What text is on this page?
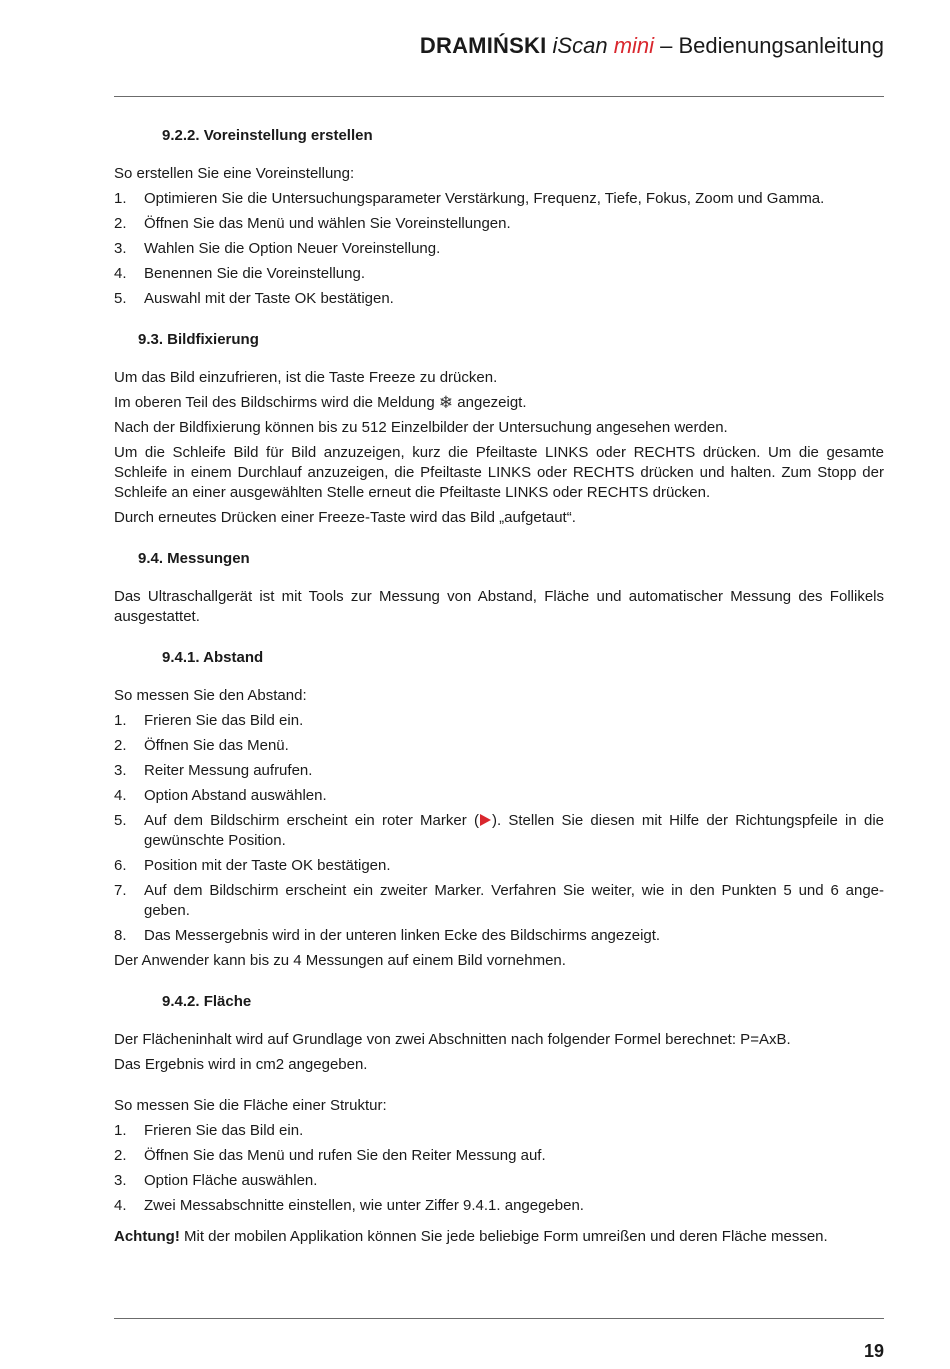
DRAMIŃSKI iScan mini – Bedienungsanleitung
9.2.2. Voreinstellung erstellen

So erstellen Sie eine Voreinstellung:

1. Optimieren Sie die Untersuchungsparameter Verstärkung, Frequenz, Tiefe, Fokus, Zoom und Gamma.
2. Öffnen Sie das Menü und wählen Sie Voreinstellungen.
3. Wahlen Sie die Option Neuer Voreinstellung.
4. Benennen Sie die Voreinstellung.
5. Auswahl mit der Taste OK bestätigen.
9.3. Bildfixierung

Um das Bild einzufrieren, ist die Taste Freeze zu drücken.

Im oberen Teil des Bildschirms wird die Meldung ❄ angezeigt.

Nach der Bildfixierung können bis zu 512 Einzelbilder der Untersuchung angesehen werden.

Um die Schleife Bild für Bild anzuzeigen, kurz die Pfeiltaste LINKS oder RECHTS drücken. Um die gesamte Schleife in einem Durchlauf anzuzeigen, die Pfeiltaste LINKS oder RECHTS drücken und halten. Zum Stopp der Schleife an einer ausgewählten Stelle erneut die Pfeiltaste LINKS oder RECHTS drücken.

Durch erneutes Drücken einer Freeze-Taste wird das Bild „aufgetaut“.

9.4. Messungen

Das Ultraschallgerät ist mit Tools zur Messung von Abstand, Fläche und automatischer Messung des Follikels ausgestattet.

9.4.1. Abstand

So messen Sie den Abstand:

1. Frieren Sie das Bild ein.
2. Öffnen Sie das Menü.
3. Reiter Messung aufrufen.
4. Option Abstand auswählen.
5. Auf dem Bildschirm erscheint ein roter Marker ( ). Stellen Sie diesen mit Hilfe der Richtungspfeile in die gewünschte Position.
6. Position mit der Taste OK bestätigen.
7. Auf dem Bildschirm erscheint ein zweiter Marker. Verfahren Sie weiter, wie in den Punkten 5 und 6 ange-geben.
8. Das Messergebnis wird in der unteren linken Ecke des Bildschirms angezeigt.

Der Anwender kann bis zu 4 Messungen auf einem Bild vornehmen.

9.4.2. Fläche

Der Flächeninhalt wird auf Grundlage von zwei Abschnitten nach folgender Formel berechnet: P=AxB.

Das Ergebnis wird in cm2 angegeben.

So messen Sie die Fläche einer Struktur:

1. Frieren Sie das Bild ein.
2. Öffnen Sie das Menü und rufen Sie den Reiter Messung auf.
3. Option Fläche auswählen.
4. Zwei Messabschnitte einstellen, wie unter Ziffer 9.4.1. angegeben.

Achtung! Mit der mobilen Applikation können Sie jede beliebige Form umreißen und deren Fläche messen.

19
